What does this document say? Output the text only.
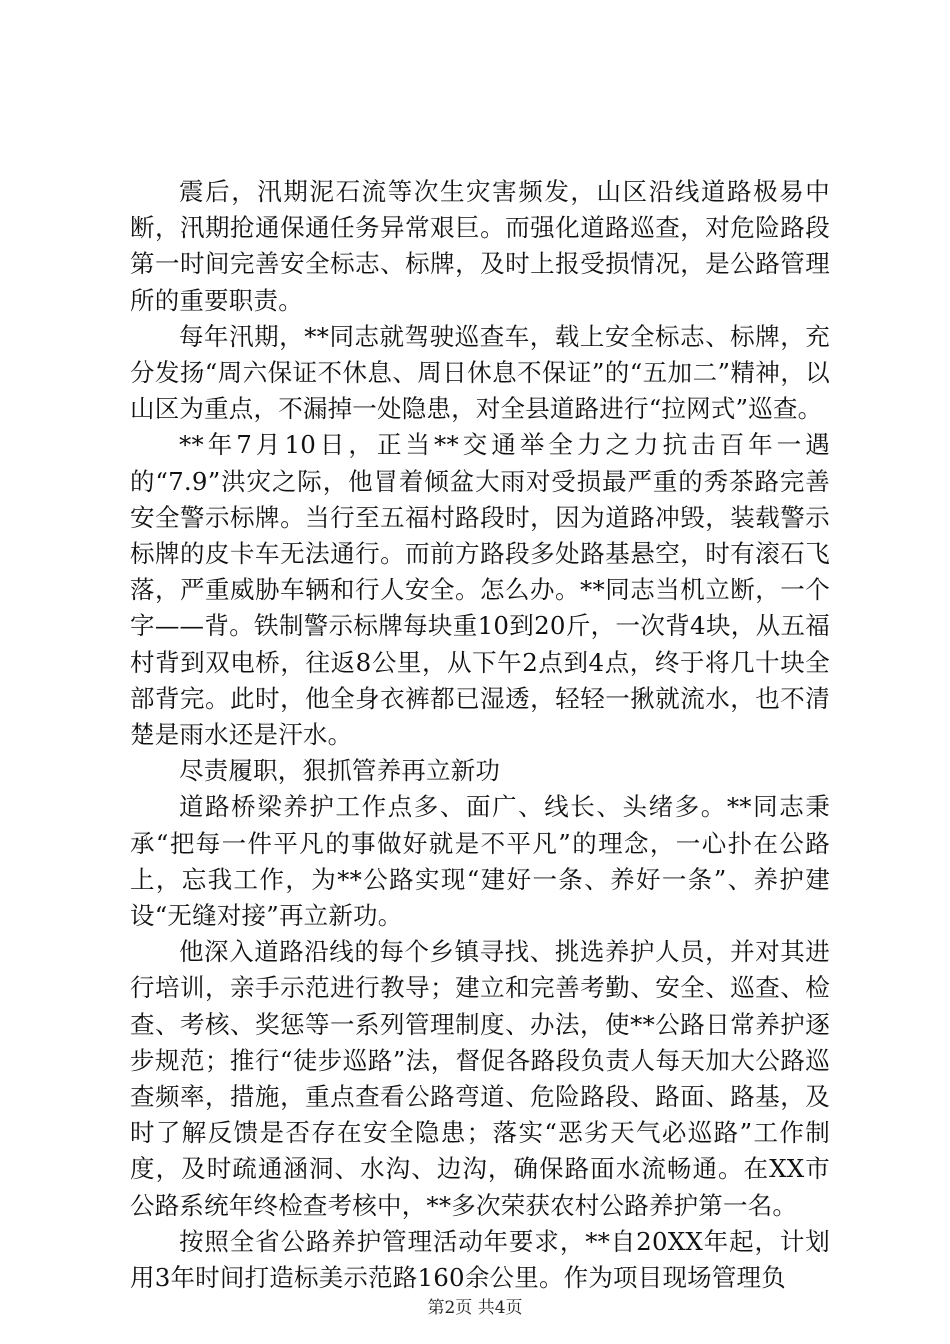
震后，汛期泥石流等次生灾害频发，山区沿线道路极易中断，汛期抢通保通任务异常艰巨。而强化道路巡查，对危险路段第一时间完善安全标志、标牌，及时上报受损情况，是公路管理所的重要职责。

每年汛期，**同志就驾驶巡查车，载上安全标志、标牌，充分发扬“周六保证不休息、周日休息不保证”的“五加二”精神，以山区为重点，不漏掉一处隐患，对全县道路进行“拉网式”巡查。

**年7月10日，正当**交通举全力之力抗击百年一遇的“7.9”洪灾之际，他冒着倾盆大雨对受损最严重的秀茶路完善安全警示标牌。当行至五福村路段时，因为道路冲毁，装载警示标牌的皮卡车无法通行。而前方路段多处路基悬空，时有滚石飞落，严重威胁车辆和行人安全。怎么办。**同志当机立断，一个字——背。铁制警示标牌每块重10到20斤，一次背4块，从五福村背到双电桥，往返8公里，从下午2点到4点，终于将几十块全部背完。此时，他全身衣裤都已湿透，轻轻一揪就流水，也不清楚是雨水还是汗水。

尽责履职，狠抓管养再立新功

道路桥梁养护工作点多、面广、线长、头绪多。**同志秉承“把每一件平凡的事做好就是不平凡”的理念，一心扑在公路上，忘我工作，为**公路实现“建好一条、养好一条”、养护建设“无缝对接”再立新功。

他深入道路沿线的每个乡镇寻找、挑选养护人员，并对其进行培训，亲手示范进行教导；建立和完善考勤、安全、巡查、检查、考核、奖惩等一系列管理制度、办法，使**公路日常养护逐步规范；推行“徒步巡路”法，督促各路段负责人每天加大公路巡查频率，措施，重点查看公路弯道、危险路段、路面、路基，及时了解反馈是否存在安全隐患；落实“恶劣天气必巡路”工作制度，及时疏通涵洞、水沟、边沟，确保路面水流畅通。在XX市公路系统年终检查考核中，**多次荣获农村公路养护第一名。

按照全省公路养护管理活动年要求，**自20XX年起，计划用3年时间打造标美示范路160余公里。作为项目现场管理负

第2页 共4页
